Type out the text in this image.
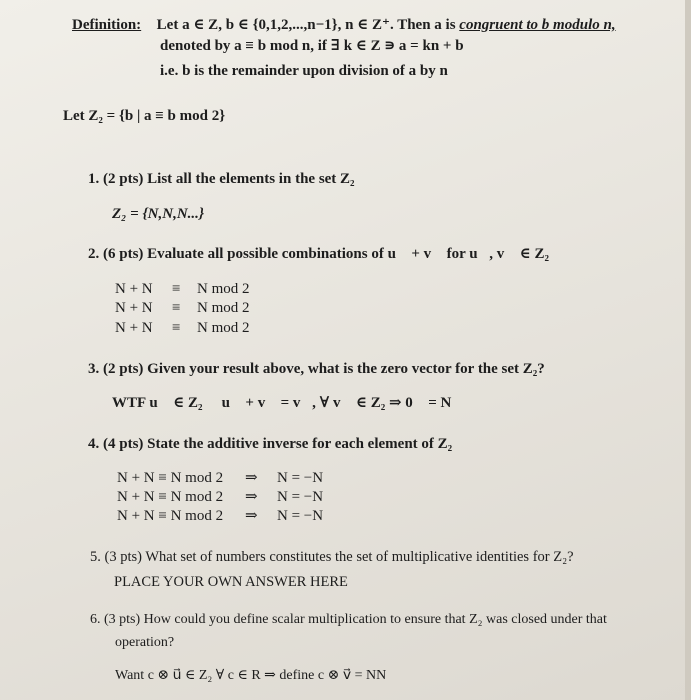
Definition: Let a ∈ Z, b ∈ {0,1,2,...,n−1}, n ∈ Z⁺. Then a is congruent to b modulo n,
denoted by a ≡ b mod n, if ∃ k ∈ Z ∍ a = kn + b
i.e. b is the remainder upon division of a by n
Let Z₂ = {b | a ≡ b mod 2}
1. (2 pts) List all the elements in the set Z₂
Z₂ = {N,N,N...}
2. (6 pts) Evaluate all possible combinations of u⃗ + v⃗ for u⃗, v⃗ ∈ Z₂
N + N ≡ N mod 2
N + N ≡ N mod 2
N + N ≡ N mod 2
3. (2 pts) Given your result above, what is the zero vector for the set Z₂?
WTF u⃗ ∈ Z₂ ∍ u⃗ + v⃗ = v⃗, ∀ v⃗ ∈ Z₂ ⇒ 0⃗ = N
4. (4 pts) State the additive inverse for each element of Z₂
N + N ≡ N mod 2 ⇒ N = −N
N + N ≡ N mod 2 ⇒ N = −N
N + N ≡ N mod 2 ⇒ N = −N
5. (3 pts) What set of numbers constitutes the set of multiplicative identities for Z₂?
PLACE YOUR OWN ANSWER HERE
6. (3 pts) How could you define scalar multiplication to ensure that Z₂ was closed under that
operation?
Want c ⊗ u⃗ ∈ Z₂ ∀ c ∈ R ⇒ define c ⊗ v⃗ = NN
